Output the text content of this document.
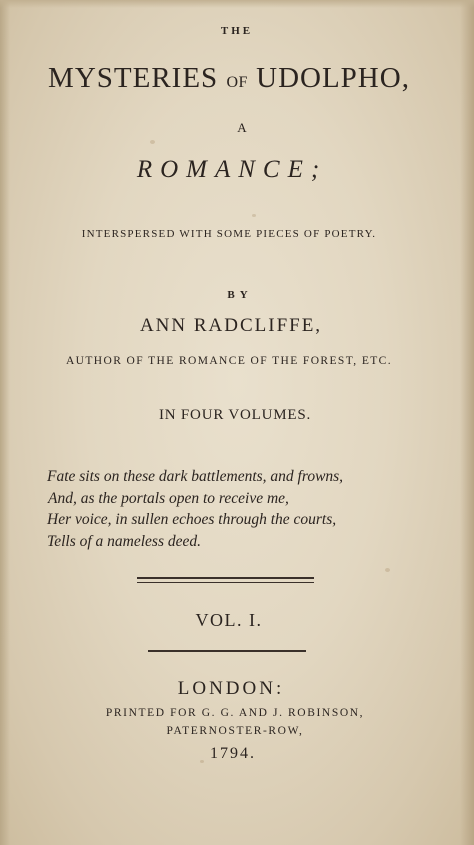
THE
MYSTERIES OF UDOLPHO,
A
ROMANCE;
INTERSPERSED WITH SOME PIECES OF POETRY.
BY
ANN RADCLIFFE,
AUTHOR OF THE ROMANCE OF THE FOREST, ETC.
IN FOUR VOLUMES.
Fate sits on these dark battlements, and frowns,
And, as the portals open to receive me,
Her voice, in sullen echoes through the courts,
Tells of a nameless deed.
VOL. I.
LONDON:
PRINTED FOR G. G. AND J. ROBINSON,
PATERNOSTER-ROW,
1794.
